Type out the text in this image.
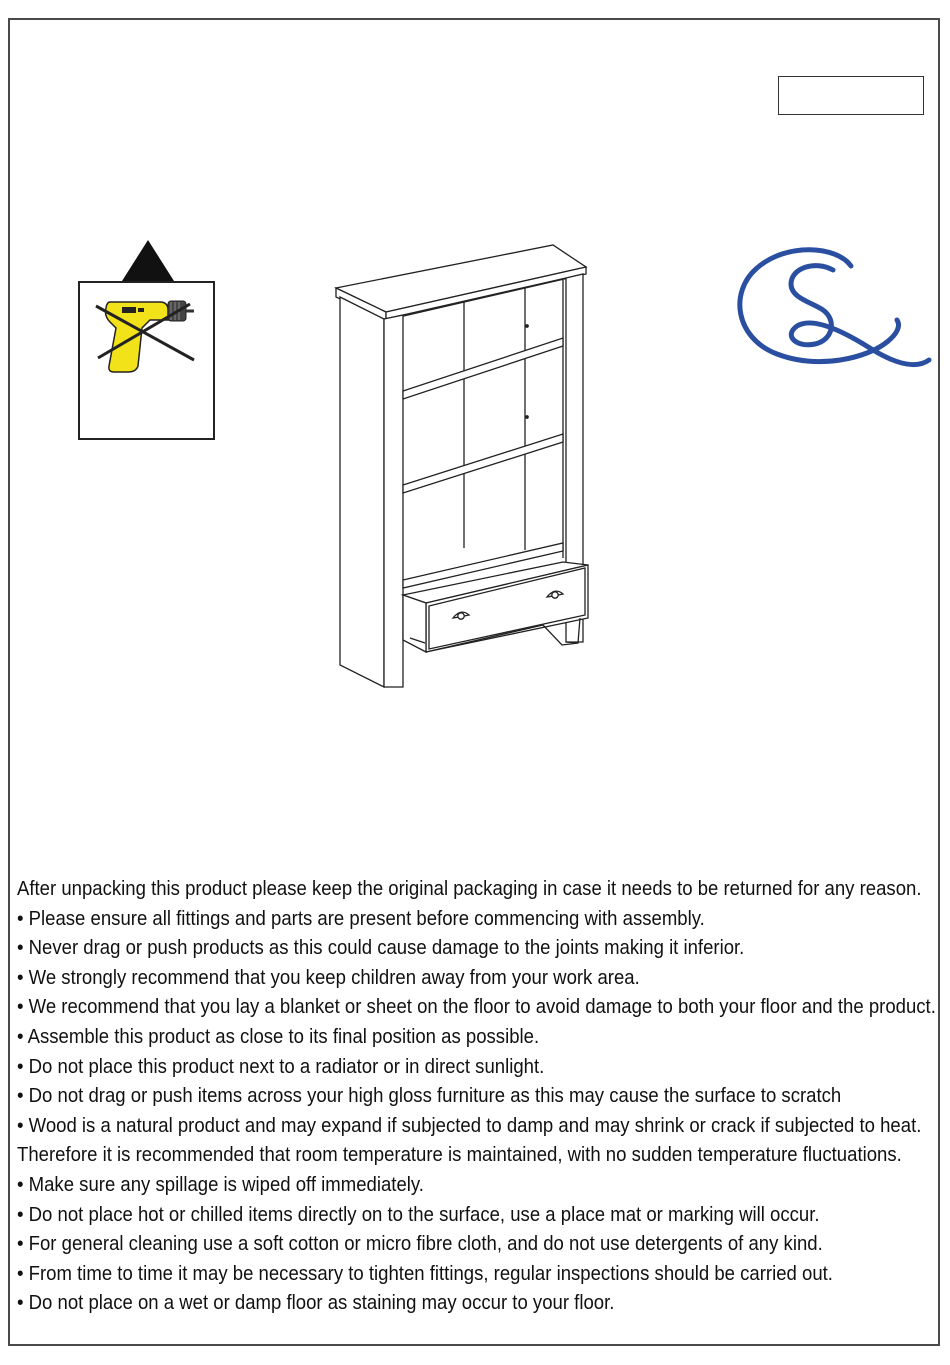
After unpacking this product please keep the original packaging in case it needs to be returned for any reason.
• Please ensure all fittings and parts are present before commencing with assembly.
• Never drag or push products as this could cause damage to the joints making it inferior.
• We strongly recommend that you keep children away from your work area.
• We recommend that you lay a blanket or sheet on the floor to avoid damage to both your floor and the product.
• Assemble this product as close to its final position as possible.
• Do not place this product next to a radiator or in direct sunlight.
• Do not drag or push items across your high gloss furniture as this may cause the surface to scratch
• Wood is a natural product and may expand if subjected to damp and may shrink or crack if subjected to heat.
Therefore it is recommended that room temperature is maintained, with no sudden temperature fluctuations.
• Make sure any spillage is wiped off immediately.
• Do not place hot or chilled items directly on to the surface, use a place mat or marking will occur.
• For general cleaning use a soft cotton or micro fibre cloth, and do not use detergents of any kind.
• From time to time it may be necessary to tighten fittings, regular inspections should be carried out.
• Do not place on a wet or damp floor as staining may occur to your floor.
